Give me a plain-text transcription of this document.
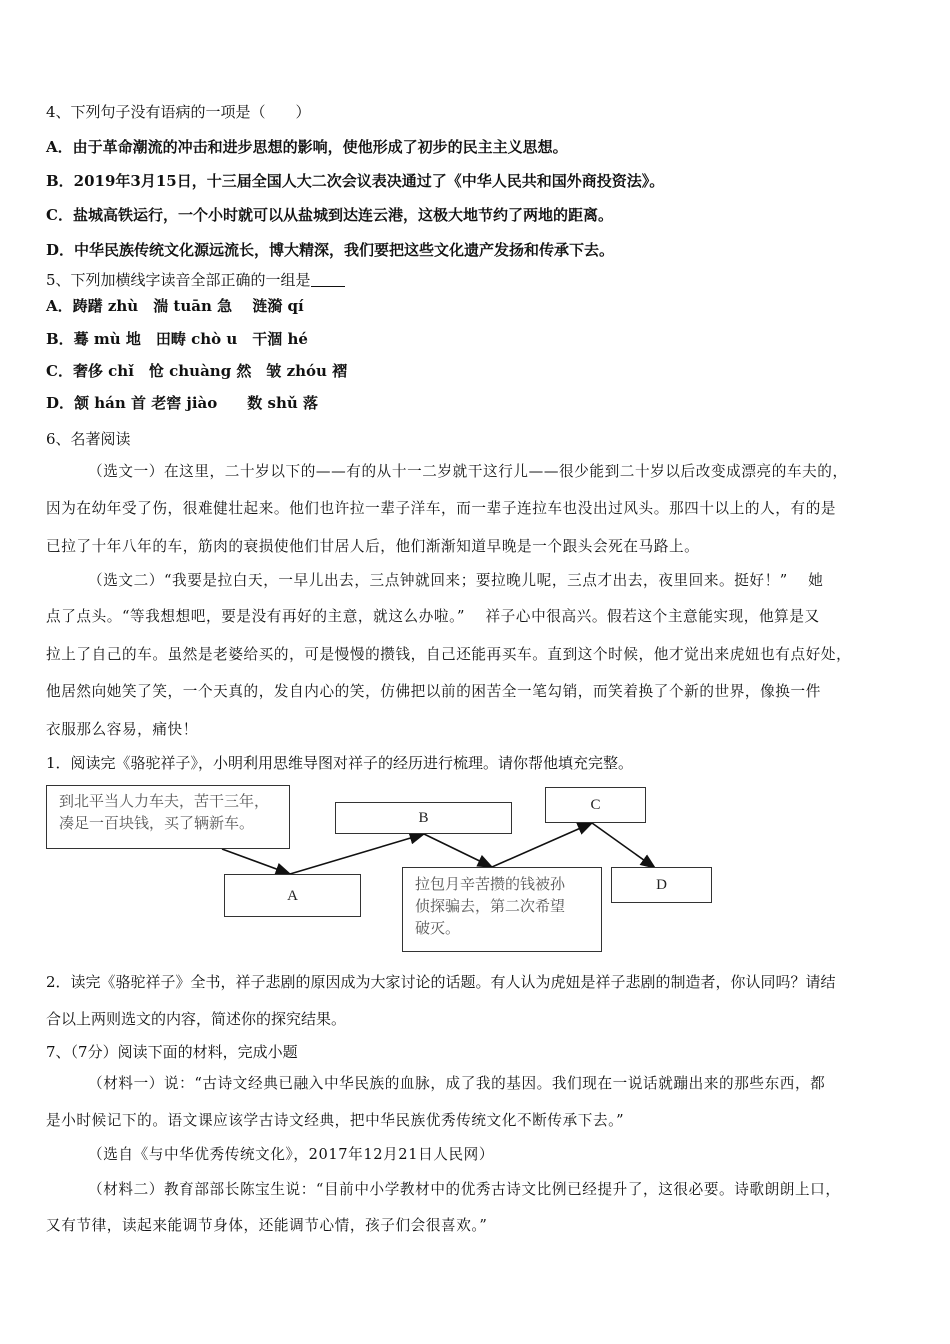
4、下列句子没有语病的一项是（　　）
A．由于革命潮流的冲击和进步思想的影响，使他形成了初步的民主主义思想。
B．2019年3月15日，十三届全国人大二次会议表决通过了《中华人民共和国外商投资法》。
C．盐城高铁运行，一个小时就可以从盐城到达连云港，这极大地节约了两地的距离。
D．中华民族传统文化源远流长，博大精深，我们要把这些文化遗产发扬和传承下去。
5、下列加横线字读音全部正确的一组是
A．踌躇 zhù　湍 tuān 急　 涟漪 qí
B．蓦 mù 地　田畴 chò u　干涸 hé
C．奢侈 chǐ　怆 chuàng 然　皱 zhóu 褶
D．颔 hán 首 老窖 jiào　　数 shǔ 落
6、名著阅读
（选文一）在这里，二十岁以下的——有的从十一二岁就干这行儿——很少能到二十岁以后改变成漂亮的车夫的，
因为在幼年受了伤，很难健壮起来。他们也许拉一辈子洋车，而一辈子连拉车也没出过风头。那四十以上的人，有的是
已拉了十年八年的车，筋肉的衰损使他们甘居人后，他们渐渐知道早晚是一个跟头会死在马路上。
（选文二）“我要是拉白天，一早儿出去，三点钟就回来；要拉晚儿呢，三点才出去，夜里回来。挺好！”　 她
点了点头。“等我想想吧，要是没有再好的主意，就这么办啦。”　 祥子心中很高兴。假若这个主意能实现，他算是又
拉上了自己的车。虽然是老婆给买的，可是慢慢的攒钱，自己还能再买车。直到这个时候，他才觉出来虎妞也有点好处，
他居然向她笑了笑，一个天真的，发自内心的笑，仿佛把以前的困苦全一笔勾销，而笑着换了个新的世界，像换一件
衣服那么容易，痛快！
1．阅读完《骆驼祥子》，小明利用思维导图对祥子的经历进行梳理。请你帮他填充完整。
到北平当人力车夫，苦干三年，
凑足一百块钱，买了辆新车。
A
B
C
D
拉包月辛苦攒的钱被孙
侦探骗去，第二次希望
破灭。
2．读完《骆驼祥子》全书，祥子悲剧的原因成为大家讨论的话题。有人认为虎妞是祥子悲剧的制造者，你认同吗？请结
合以上两则选文的内容，简述你的探究结果。
7、（7分）阅读下面的材料，完成小题
（材料一）说：“古诗文经典已融入中华民族的血脉，成了我的基因。我们现在一说话就蹦出来的那些东西，都
是小时候记下的。语文课应该学古诗文经典，把中华民族优秀传统文化不断传承下去。”
（选自《与中华优秀传统文化》，2017年12月21日人民网）
（材料二）教育部部长陈宝生说：“目前中小学教材中的优秀古诗文比例已经提升了，这很必要。诗歌朗朗上口，
又有节律，读起来能调节身体，还能调节心情，孩子们会很喜欢。”
